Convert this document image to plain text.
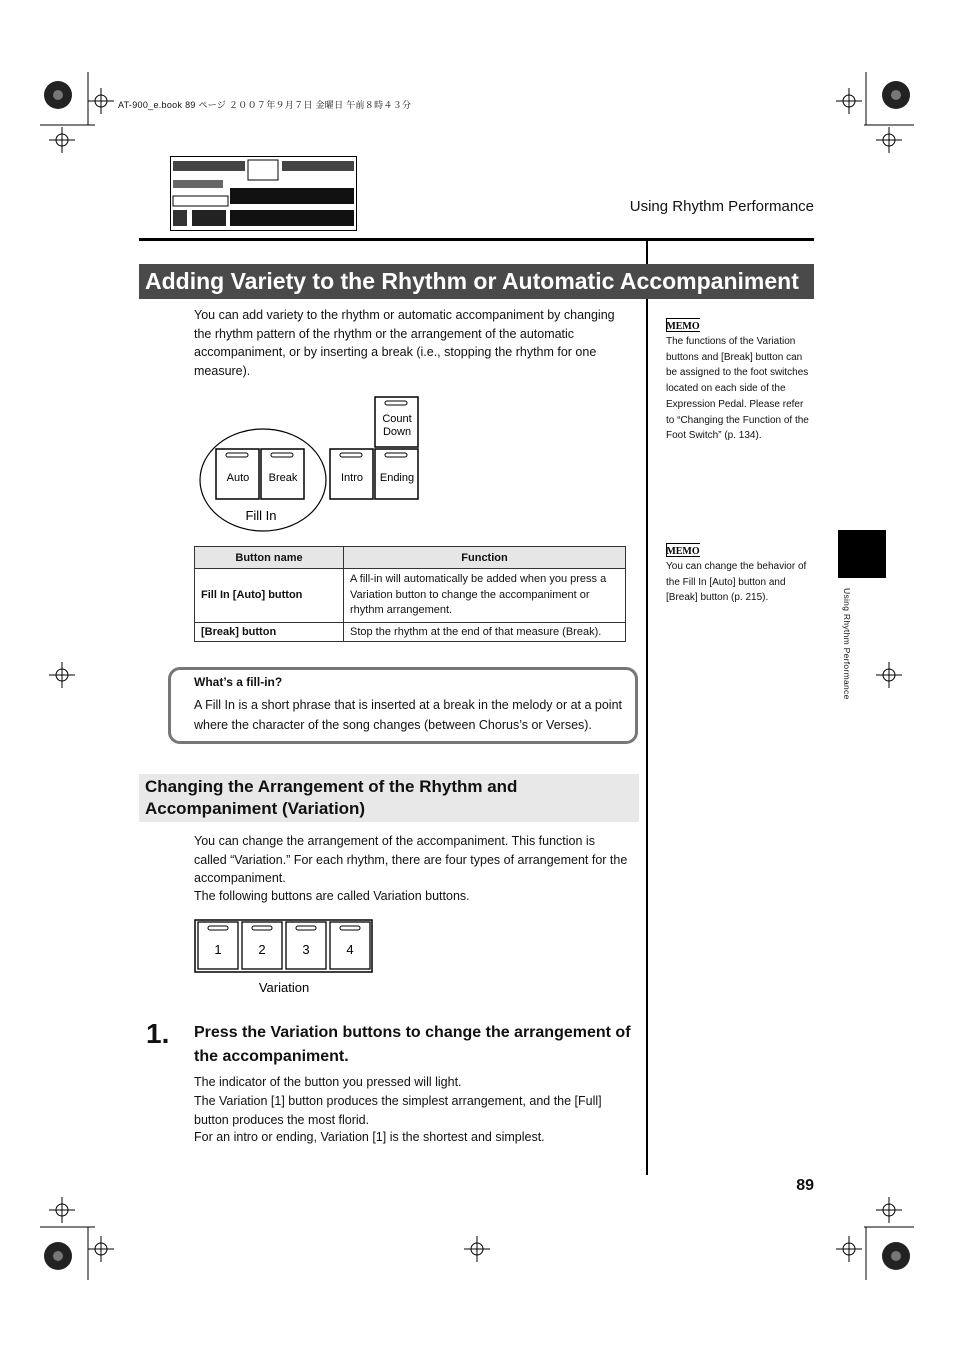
AT-900_e.book 89 ページ ２００７年９月７日 金曜日 午前８時４３分
Using Rhythm Performance
Adding Variety to the Rhythm or Automatic Accompaniment
You can add variety to the rhythm or automatic accompaniment by changing the rhythm pattern of the rhythm or the arrangement of the automatic accompaniment, or by inserting a break (i.e., stopping the rhythm for one measure).
Auto Break	Intro Ending
Count
Down
Fill In
Button name	Function
Fill In [Auto] button	A fill-in will automatically be added when you press a Variation button to change the accompaniment or rhythm arrangement.
[Break] button	Stop the rhythm at the end of that measure (Break).
What’s a fill-in?
A Fill In is a short phrase that is inserted at a break in the melody or at a point where the character of the song changes (between Chorus’s or Verses).
Changing the Arrangement of the Rhythm and Accompaniment (Variation)
You can change the arrangement of the accompaniment. This function is called “Variation.” For each rhythm, there are four types of arrangement for the accompaniment.
The following buttons are called Variation buttons.
1	2	3	4
Variation
1. Press the Variation buttons to change the arrangement of the accompaniment.
The indicator of the button you pressed will light.
The Variation [1] button produces the simplest arrangement, and the [Full] button produces the most florid.
For an intro or ending, Variation [1] is the shortest and simplest.
MEMO
The functions of the Variation buttons and [Break] button can be assigned to the foot switches located on each side of the Expression Pedal. Please refer to “Changing the Function of the Foot Switch” (p. 134).
MEMO
You can change the behavior of the Fill In [Auto] button and [Break] button (p. 215).	Using Rhythm Performance
89
